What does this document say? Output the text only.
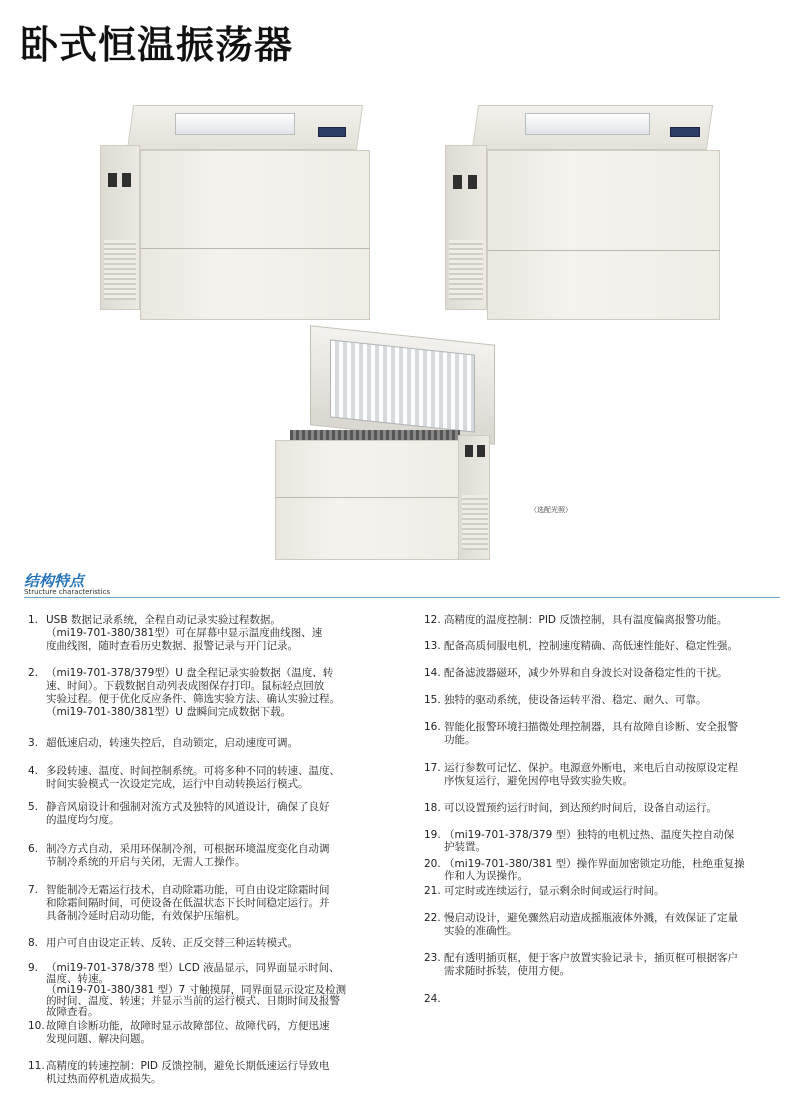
卧式恒温振荡器
（选配光照）
结构特点
Structure characteristics
1. USB 数据记录系统，全程自动记录实验过程数据。
（mi19-701-380/381型）可在屏幕中显示温度曲线图、速
度曲线图，随时查看历史数据、报警记录与开门记录。
2. （mi19-701-378/379型）U 盘全程记录实验数据（温度、转
速、时间）。下载数据自动列表成图保存打印。鼠标轻点回放
实验过程。便于优化反应条件、筛选实验方法、确认实验过程。
（mi19-701-380/381型）U 盘瞬间完成数据下载。
3. 超低速启动，转速失控后，自动锁定，启动速度可调。
4. 多段转速、温度、时间控制系统。可将多种不同的转速、温度、
时间实验模式一次设定完成，运行中自动转换运行模式。
5. 静音风扇设计和强制对流方式及独特的风道设计，确保了良好
的温度均匀度。
6. 制冷方式自动，采用环保制冷剂，可根据环境温度变化自动调
节制冷系统的开启与关闭，无需人工操作。
7. 智能制冷无霜运行技术，自动除霜功能，可自由设定除霜时间
和除霜间隔时间，可使设备在低温状态下长时间稳定运行。并
具备制冷延时启动功能，有效保护压缩机。
8. 用户可自由设定正转、反转、正反交替三种运转模式。
9. （mi19-701-378/378 型）LCD 液晶显示，同界面显示时间、
温度、转速。
（mi19-701-380/381 型）7 寸触摸屏，同界面显示设定及检测
的时间、温度、转速；并显示当前的运行模式、日期时间及报警
故障查看。
10. 故障自诊断功能，故障时显示故障部位、故障代码，方便迅速
发现问题、解决问题。
11. 高精度的转速控制：PID 反馈控制，避免长期低速运行导致电
机过热而停机造成损失。
12. 高精度的温度控制：PID 反馈控制，具有温度偏离报警功能。
13. 配备高质伺服电机，控制速度精确、高低速性能好、稳定性强。
14. 配备滤波器磁环，减少外界和自身波长对设备稳定性的干扰。
15. 独特的驱动系统，使设备运转平滑、稳定、耐久、可靠。
16. 智能化报警环境扫描微处理控制器，具有故障自诊断、安全报警
功能。
17. 运行参数可记忆、保护。电源意外断电，来电后自动按原设定程
序恢复运行，避免因停电导致实验失败。
18. 可以设置预约运行时间，到达预约时间后，设备自动运行。
19. （mi19-701-378/379 型）独特的电机过热、温度失控自动保
护装置。
20. （mi19-701-380/381 型）操作界面加密锁定功能，杜绝重复操
作和人为误操作。
21. 可定时或连续运行，显示剩余时间或运行时间。
22. 慢启动设计，避免骤然启动造成摇瓶液体外溅，有效保证了定量
实验的准确性。
23. 配有透明插页框，便于客户放置实验记录卡，插页框可根据客户
需求随时拆装，使用方便。
24.
